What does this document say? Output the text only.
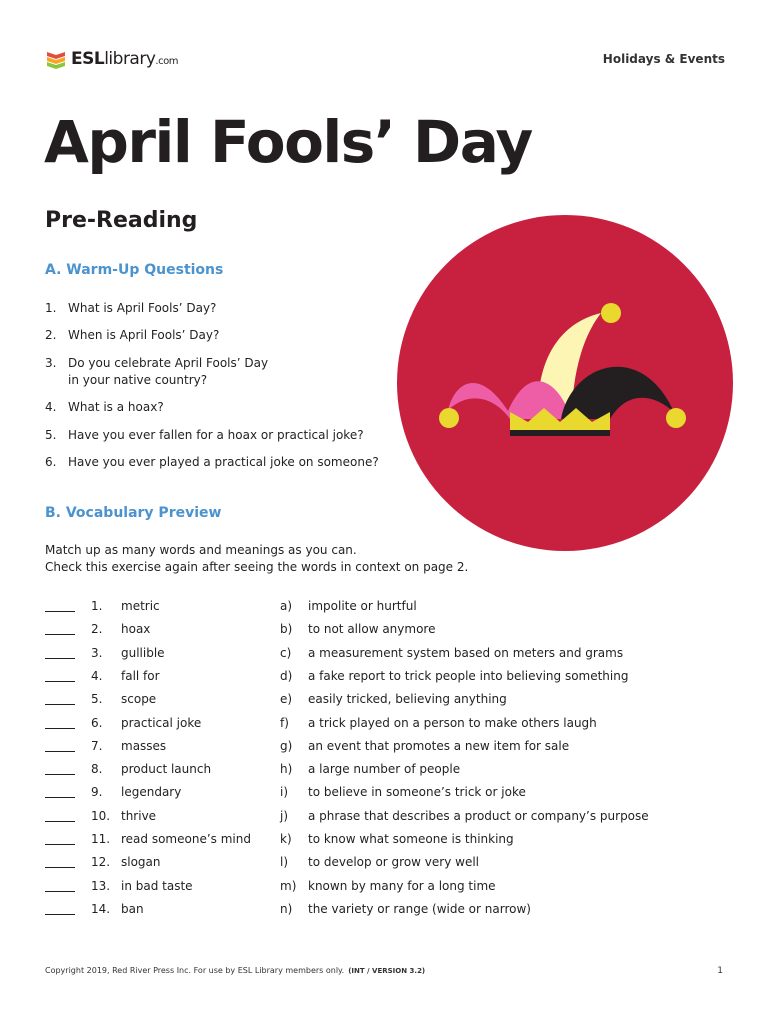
ESLlibrary.com	Holidays & Events
April Fools’ Day
Pre-Reading
A. Warm-Up Questions
1. What is April Fools’ Day?
2. When is April Fools’ Day?
3. Do you celebrate April Fools’ Day
in your native country?
4. What is a hoax?
5. Have you ever fallen for a hoax or practical joke?
6. Have you ever played a practical joke on someone?
B. Vocabulary Preview
Match up as many words and meanings as you can.
Check this exercise again after seeing the words in context on page 2.
1. metric	a) impolite or hurtful
2. hoax	b) to not allow anymore
3. gullible	c) a measurement system based on meters and grams
4. fall for	d) a fake report to trick people into believing something
5. scope	e) easily tricked, believing anything
6. practical joke	f) a trick played on a person to make others laugh
7. masses	g) an event that promotes a new item for sale
8. product launch	h) a large number of people
9. legendary	i) to believe in someone’s trick or joke
10. thrive	j) a phrase that describes a product or company’s purpose
11. read someone’s mind k) to know what someone is thinking
12. slogan	l) to develop or grow very well
13. in bad taste	m) known by many for a long time
14. ban	n) the variety or range (wide or narrow)
Copyright 2019, Red River Press Inc. For use by ESL Library members only. (INT / VERSION 3.2)	1
